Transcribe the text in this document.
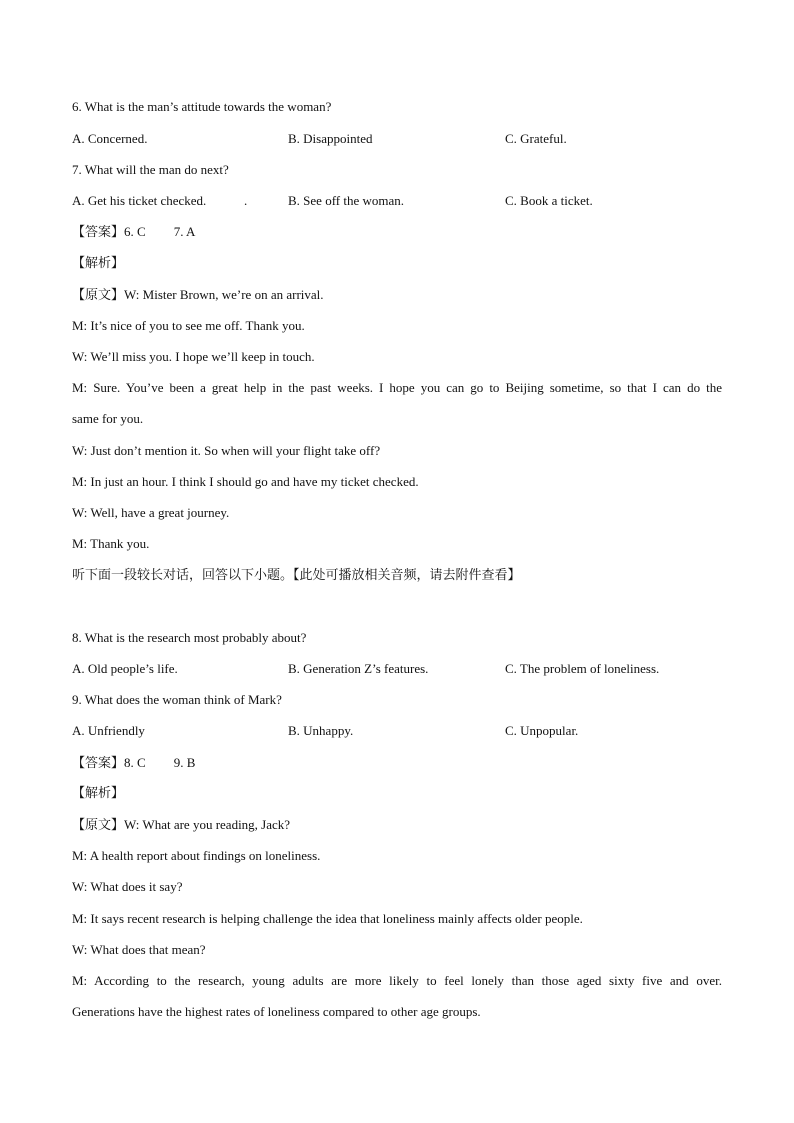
6. What is the man’s attitude towards the woman?
A. Concerned.	B. Disappointed	C. Grateful.
7. What will the man do next?
A. Get his ticket checked.	.	B. See off the woman.	C. Book a ticket.
【答案】6. C 7. A
【解析】
【原文】W: Mister Brown, we’re on an arrival.
M: It’s nice of you to see me off. Thank you.
W: We’ll miss you. I hope we’ll keep in touch.
M: Sure. You’ve been a great help in the past weeks. I hope you can go to Beijing sometime, so that I can do the
same for you.
W: Just don’t mention it. So when will your flight take off?
M: In just an hour. I think I should go and have my ticket checked.
W: Well, have a great journey.
M: Thank you.
听下面一段较长对话，回答以下小题。【此处可播放相关音频，请去附件查看】
8. What is the research most probably about?
A. Old people’s life.	B. Generation Z’s features.	C. The problem of loneliness.
9. What does the woman think of Mark?
A. Unfriendly	B. Unhappy.	C. Unpopular.
【答案】8. C 9. B
【解析】
【原文】W: What are you reading, Jack?
M: A health report about findings on loneliness.
W: What does it say?
M: It says recent research is helping challenge the idea that loneliness mainly affects older people.
W: What does that mean?
M: According to the research, young adults are more likely to feel lonely than those aged sixty five and over.
Generations have the highest rates of loneliness compared to other age groups.
